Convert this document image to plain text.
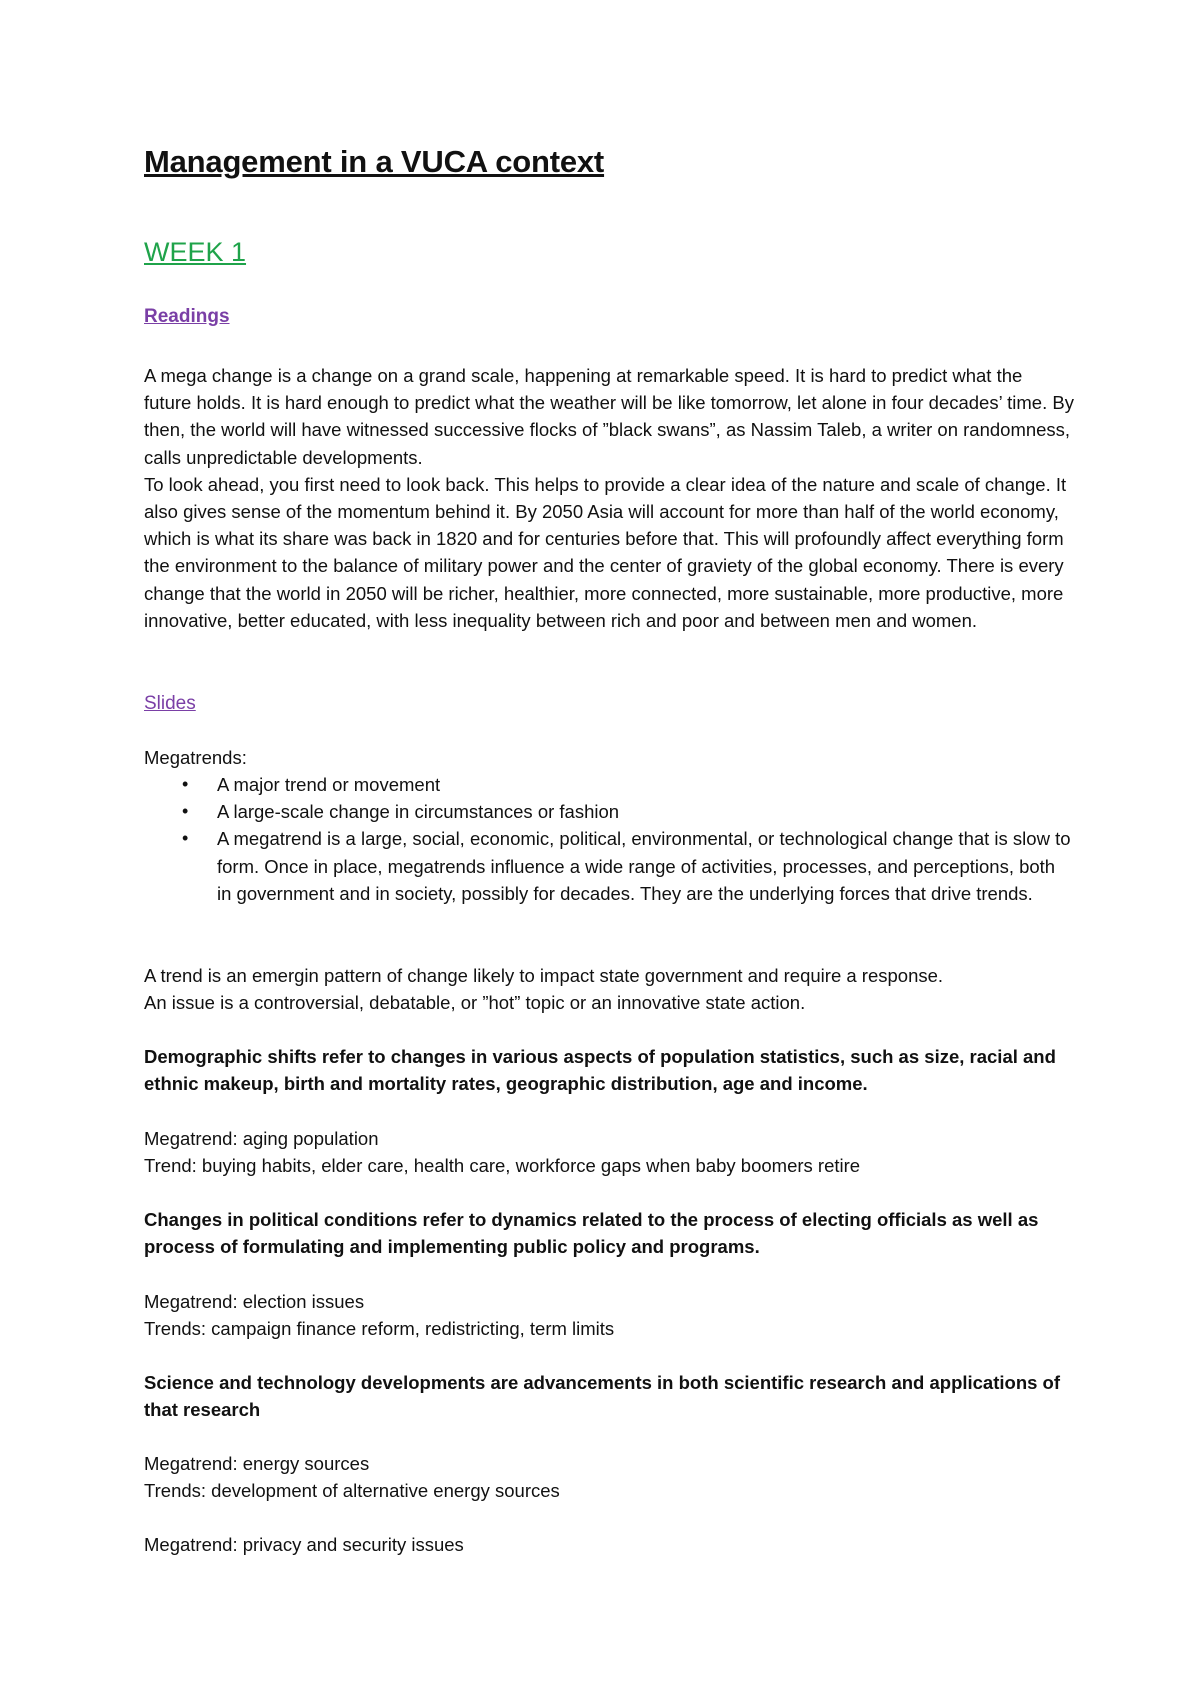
Management in a VUCA context
WEEK 1
Readings

A mega change is a change on a grand scale, happening at remarkable speed. It is hard to predict what the future holds. It is hard enough to predict what the weather will be like tomorrow, let alone in four decades’ time. By then, the world will have witnessed successive flocks of ”black swans”, as Nassim Taleb, a writer on randomness, calls unpredictable developments.

To look ahead, you first need to look back. This helps to provide a clear idea of the nature and scale of change. It also gives sense of the momentum behind it. By 2050 Asia will account for more than half of the world economy, which is what its share was back in 1820 and for centuries before that. This will profoundly affect everything form the environment to the balance of military power and the center of graviety of the global economy. There is every change that the world in 2050 will be richer, healthier, more connected, more sustainable, more productive, more innovative, better educated, with less inequality between rich and poor and between men and women.

Slides

Megatrends:

• A major trend or movement
• A large-scale change in circumstances or fashion
• A megatrend is a large, social, economic, political, environmental, or technological change that is slow to form. Once in place, megatrends influence a wide range of activities, processes, and perceptions, both in government and in society, possibly for decades. They are the underlying forces that drive trends.

A trend is an emergin pattern of change likely to impact state government and require a response.

An issue is a controversial, debatable, or ”hot” topic or an innovative state action.

Demographic shifts refer to changes in various aspects of population statistics, such as size, racial and ethnic makeup, birth and mortality rates, geographic distribution, age and income.

Megatrend: aging population

Trend: buying habits, elder care, health care, workforce gaps when baby boomers retire

Changes in political conditions refer to dynamics related to the process of electing officials as well as process of formulating and implementing public policy and programs.

Megatrend: election issues

Trends: campaign finance reform, redistricting, term limits

Science and technology developments are advancements in both scientific research and applications of that research

Megatrend: energy sources

Trends: development of alternative energy sources

Megatrend: privacy and security issues
